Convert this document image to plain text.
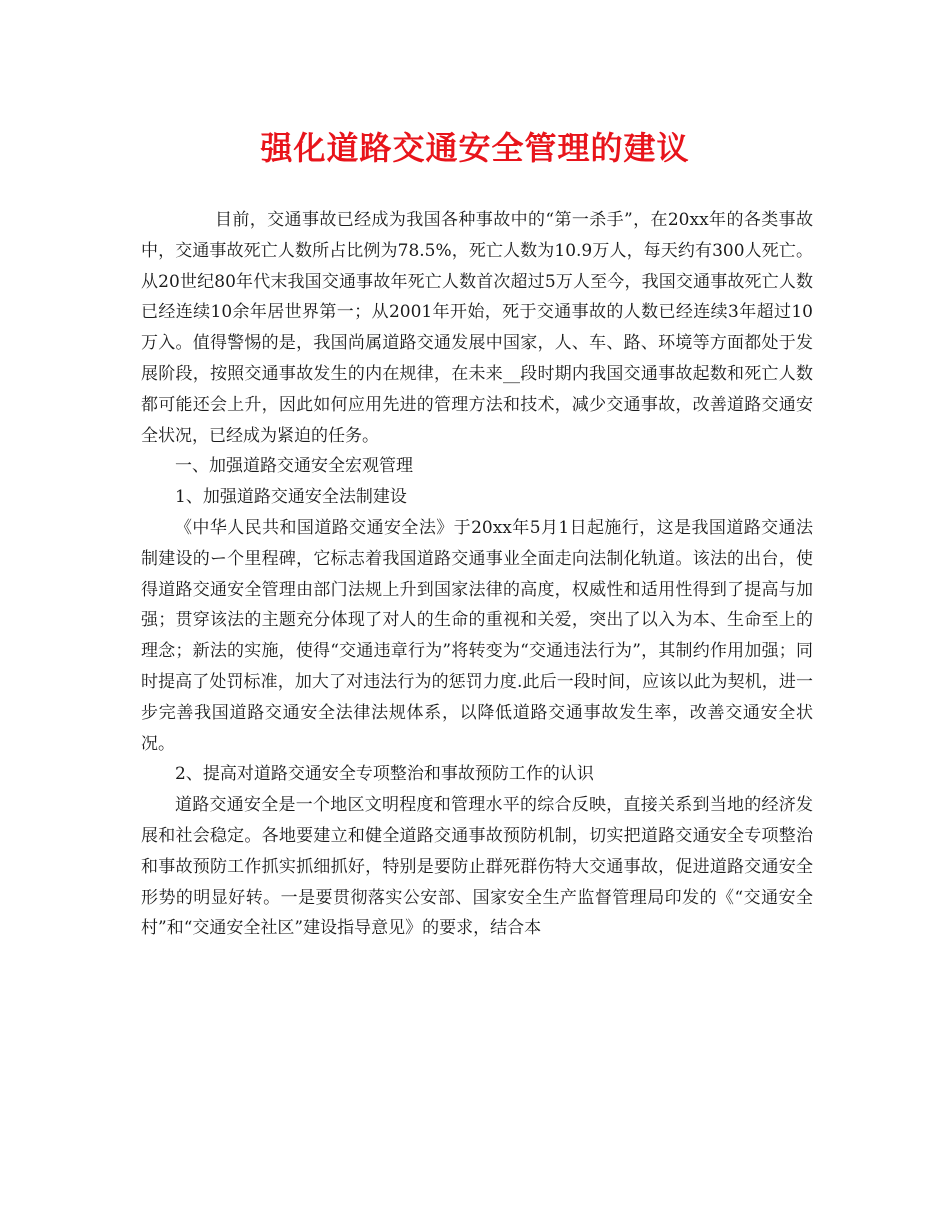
强化道路交通安全管理的建议

目前，交通事故已经成为我国各种事故中的“第一杀手”，在20xx年的各类事故中，交通事故死亡人数所占比例为78.5%，死亡人数为10.9万人，每天约有300人死亡。从20世纪80年代末我国交通事故年死亡人数首次超过5万人至今，我国交通事故死亡人数已经连续10余年居世界第一；从2001年开始，死于交通事故的人数已经连续3年超过10万入。值得警惕的是，我国尚属道路交通发展中国家，人、车、路、环境等方面都处于发展阶段，按照交通事故发生的内在规律，在未来__段时期内我国交通事故起数和死亡人数都可能还会上升，因此如何应用先进的管理方法和技术，减少交通事故，改善道路交通安全状况，已经成为紧迫的任务。

一、加强道路交通安全宏观管理

1、加强道路交通安全法制建设

《中华人民共和国道路交通安全法》于20xx年5月1日起施行，这是我国道路交通法制建设的ー个里程碑，它标志着我国道路交通事业全面走向法制化轨道。该法的出台，使得道路交通安全管理由部门法规上升到国家法律的高度，权威性和适用性得到了提高与加强；贯穿该法的主题充分体现了对人的生命的重视和关爱，突出了以入为本、生命至上的理念；新法的实施，使得“交通违章行为”将转变为“交通违法行为”，其制约作用加强；同时提高了处罚标准，加大了对违法行为的惩罚力度.此后一段时间，应该以此为契机，进一步完善我国道路交通安全法律法规体系，以降低道路交通事故发生率，改善交通安全状况。

2、提高对道路交通安全专项整治和事故预防工作的认识

道路交通安全是一个地区文明程度和管理水平的综合反映，直接关系到当地的经济发展和社会稳定。各地要建立和健全道路交通事故预防机制，切实把道路交通安全专项整治和事故预防工作抓实抓细抓好，特别是要防止群死群伤特大交通事故，促进道路交通安全形势的明显好转。一是要贯彻落实公安部、国家安全生产监督管理局印发的《“交通安全村”和“交通安全社区”建设指导意见》的要求，结合本
